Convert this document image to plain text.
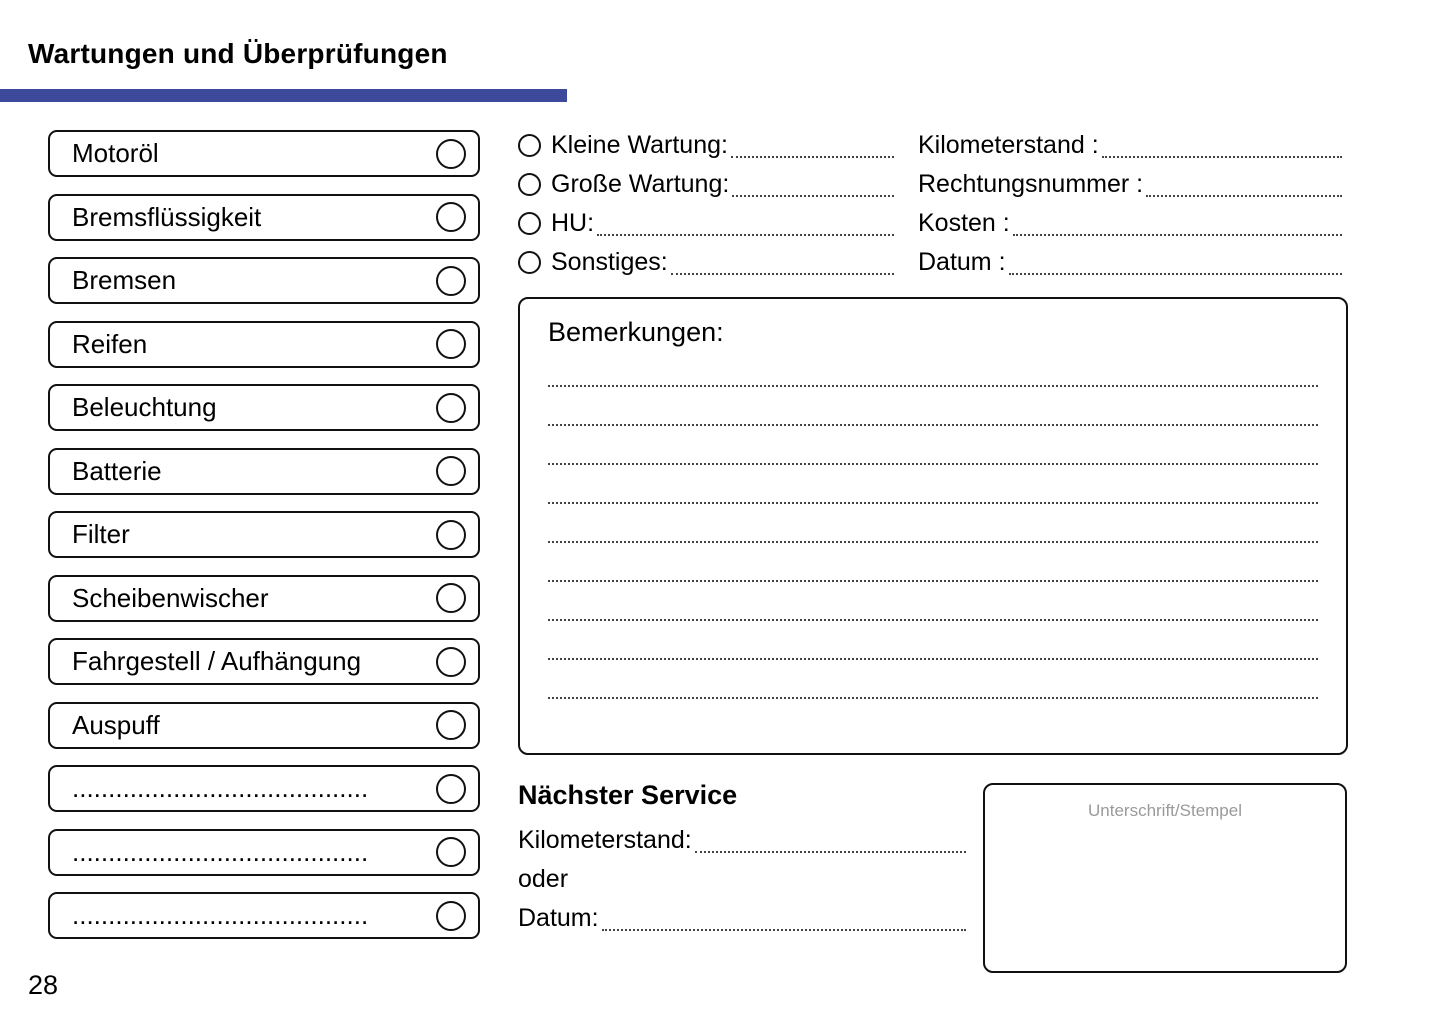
Wartungen und Überprüfungen
Motoröl
Bremsflüssigkeit
Bremsen
Reifen
Beleuchtung
Batterie
Filter
Scheibenwischer
Fahrgestell / Aufhängung
Auspuff
.........................................
.........................................
.........................................
Kleine Wartung:
Große Wartung:
HU:
Sonstiges:
Kilometerstand :
Rechtungsnummer :
Kosten :
Datum :
Bemerkungen:
Nächster Service
Kilometerstand:
oder
Datum:
Unterschrift/Stempel
28
